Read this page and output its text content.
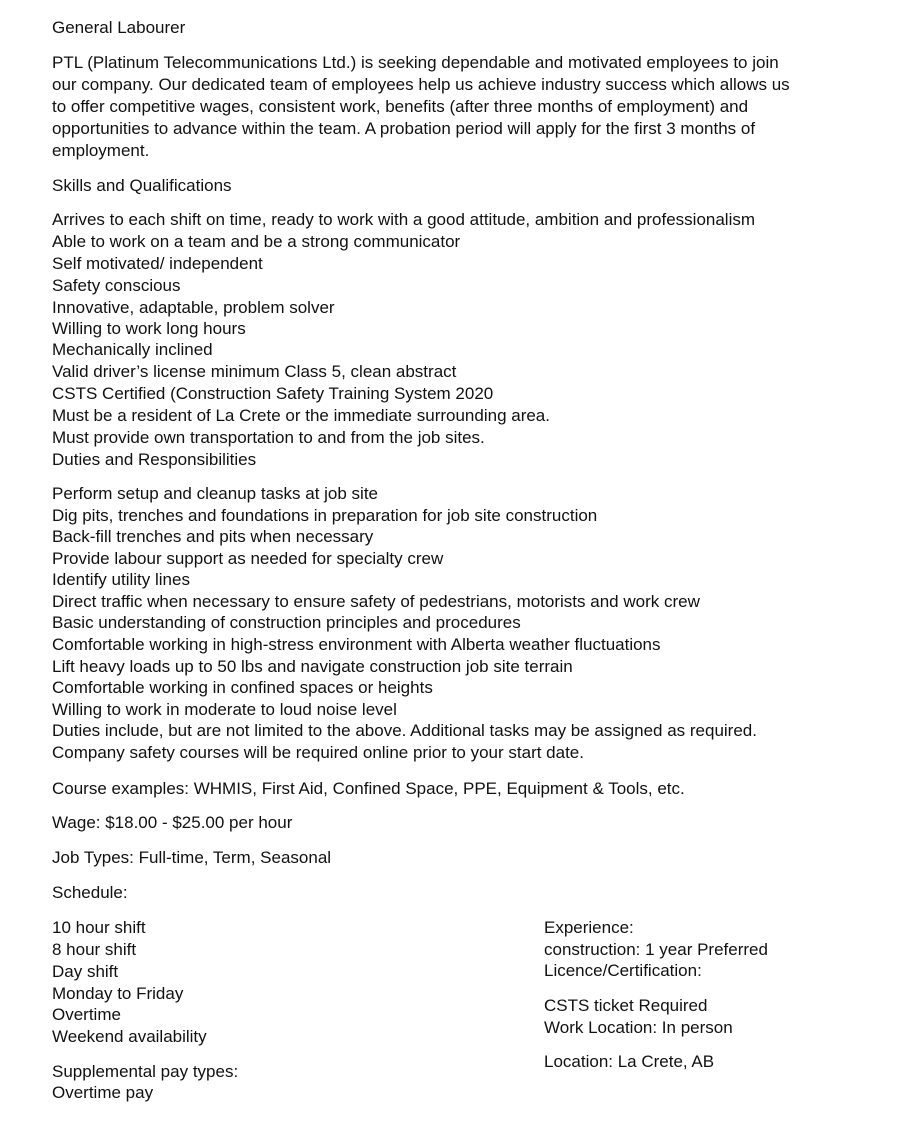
General Labourer
PTL (Platinum Telecommunications Ltd.) is seeking dependable and motivated employees to join
our company. Our dedicated team of employees help us achieve industry success which allows us
to offer competitive wages, consistent work, benefits (after three months of employment) and
opportunities to advance within the team. A probation period will apply for the first 3 months of
employment.
Skills and Qualifications
Arrives to each shift on time, ready to work with a good attitude, ambition and professionalism
Able to work on a team and be a strong communicator
Self motivated/ independent
Safety conscious
Innovative, adaptable, problem solver
Willing to work long hours
Mechanically inclined
Valid driver’s license minimum Class 5, clean abstract
CSTS Certified (Construction Safety Training System 2020
Must be a resident of La Crete or the immediate surrounding area.
Must provide own transportation to and from the job sites.
Duties and Responsibilities
Perform setup and cleanup tasks at job site
Dig pits, trenches and foundations in preparation for job site construction
Back-fill trenches and pits when necessary
Provide labour support as needed for specialty crew
Identify utility lines
Direct traffic when necessary to ensure safety of pedestrians, motorists and work crew
Basic understanding of construction principles and procedures
Comfortable working in high-stress environment with Alberta weather fluctuations
Lift heavy loads up to 50 lbs and navigate construction job site terrain
Comfortable working in confined spaces or heights
Willing to work in moderate to loud noise level
Duties include, but are not limited to the above. Additional tasks may be assigned as required.
Company safety courses will be required online prior to your start date.
Course examples: WHMIS, First Aid, Confined Space, PPE, Equipment & Tools, etc.
Wage: $18.00 - $25.00 per hour
Job Types: Full-time, Term, Seasonal
Schedule:
10 hour shift
8 hour shift
Day shift
Monday to Friday
Overtime
Weekend availability
Supplemental pay types:
Overtime pay
Experience:
construction: 1 year Preferred
Licence/Certification:
CSTS ticket Required
Work Location: In person
Location: La Crete, AB
